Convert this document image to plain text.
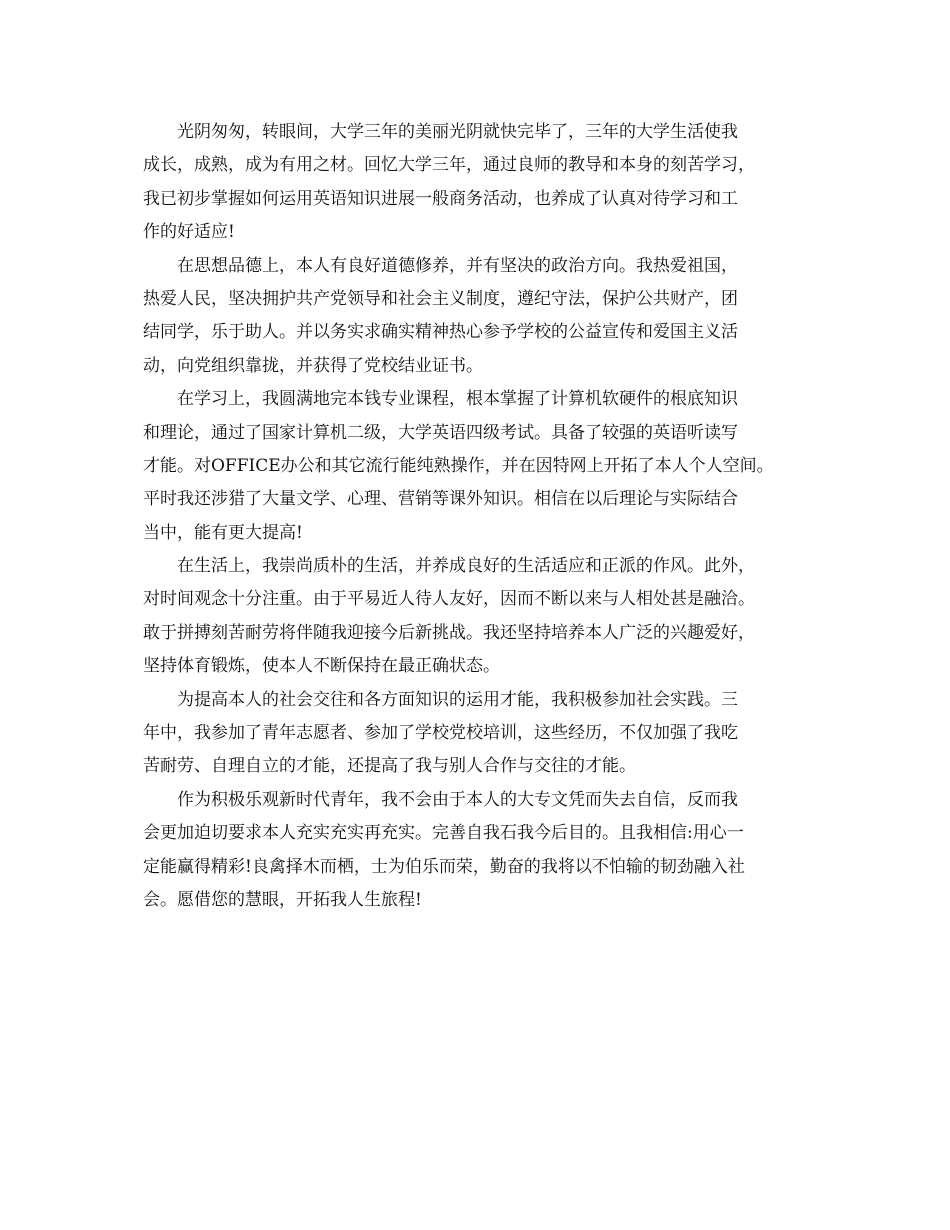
光阴匆匆，转眼间，大学三年的美丽光阴就快完毕了，三年的大学生活使我
成长，成熟，成为有用之材。回忆大学三年，通过良师的教导和本身的刻苦学习，
我已初步掌握如何运用英语知识进展一般商务活动，也养成了认真对待学习和工
作的好适应!
在思想品德上，本人有良好道德修养，并有坚决的政治方向。我热爱祖国，
热爱人民，坚决拥护共产党领导和社会主义制度，遵纪守法，保护公共财产，团
结同学，乐于助人。并以务实求确实精神热心参予学校的公益宣传和爱国主义活
动，向党组织靠拢，并获得了党校结业证书。
在学习上，我圆满地完本钱专业课程，根本掌握了计算机软硬件的根底知识
和理论，通过了国家计算机二级，大学英语四级考试。具备了较强的英语听读写
才能。对OFFICE办公和其它流行能纯熟操作，并在因特网上开拓了本人个人空间。
平时我还涉猎了大量文学、心理、营销等课外知识。相信在以后理论与实际结合
当中，能有更大提高!
在生活上，我崇尚质朴的生活，并养成良好的生活适应和正派的作风。此外，
对时间观念十分注重。由于平易近人待人友好，因而不断以来与人相处甚是融洽。
敢于拼搏刻苦耐劳将伴随我迎接今后新挑战。我还坚持培养本人广泛的兴趣爱好，
坚持体育锻炼，使本人不断保持在最正确状态。
为提高本人的社会交往和各方面知识的运用才能，我积极参加社会实践。三
年中，我参加了青年志愿者、参加了学校党校培训，这些经历，不仅加强了我吃
苦耐劳、自理自立的才能，还提高了我与别人合作与交往的才能。
作为积极乐观新时代青年，我不会由于本人的大专文凭而失去自信，反而我
会更加迫切要求本人充实充实再充实。完善自我石我今后目的。且我相信:用心一
定能赢得精彩!良禽择木而栖，士为伯乐而荣，勤奋的我将以不怕输的韧劲融入社
会。愿借您的慧眼，开拓我人生旅程!
